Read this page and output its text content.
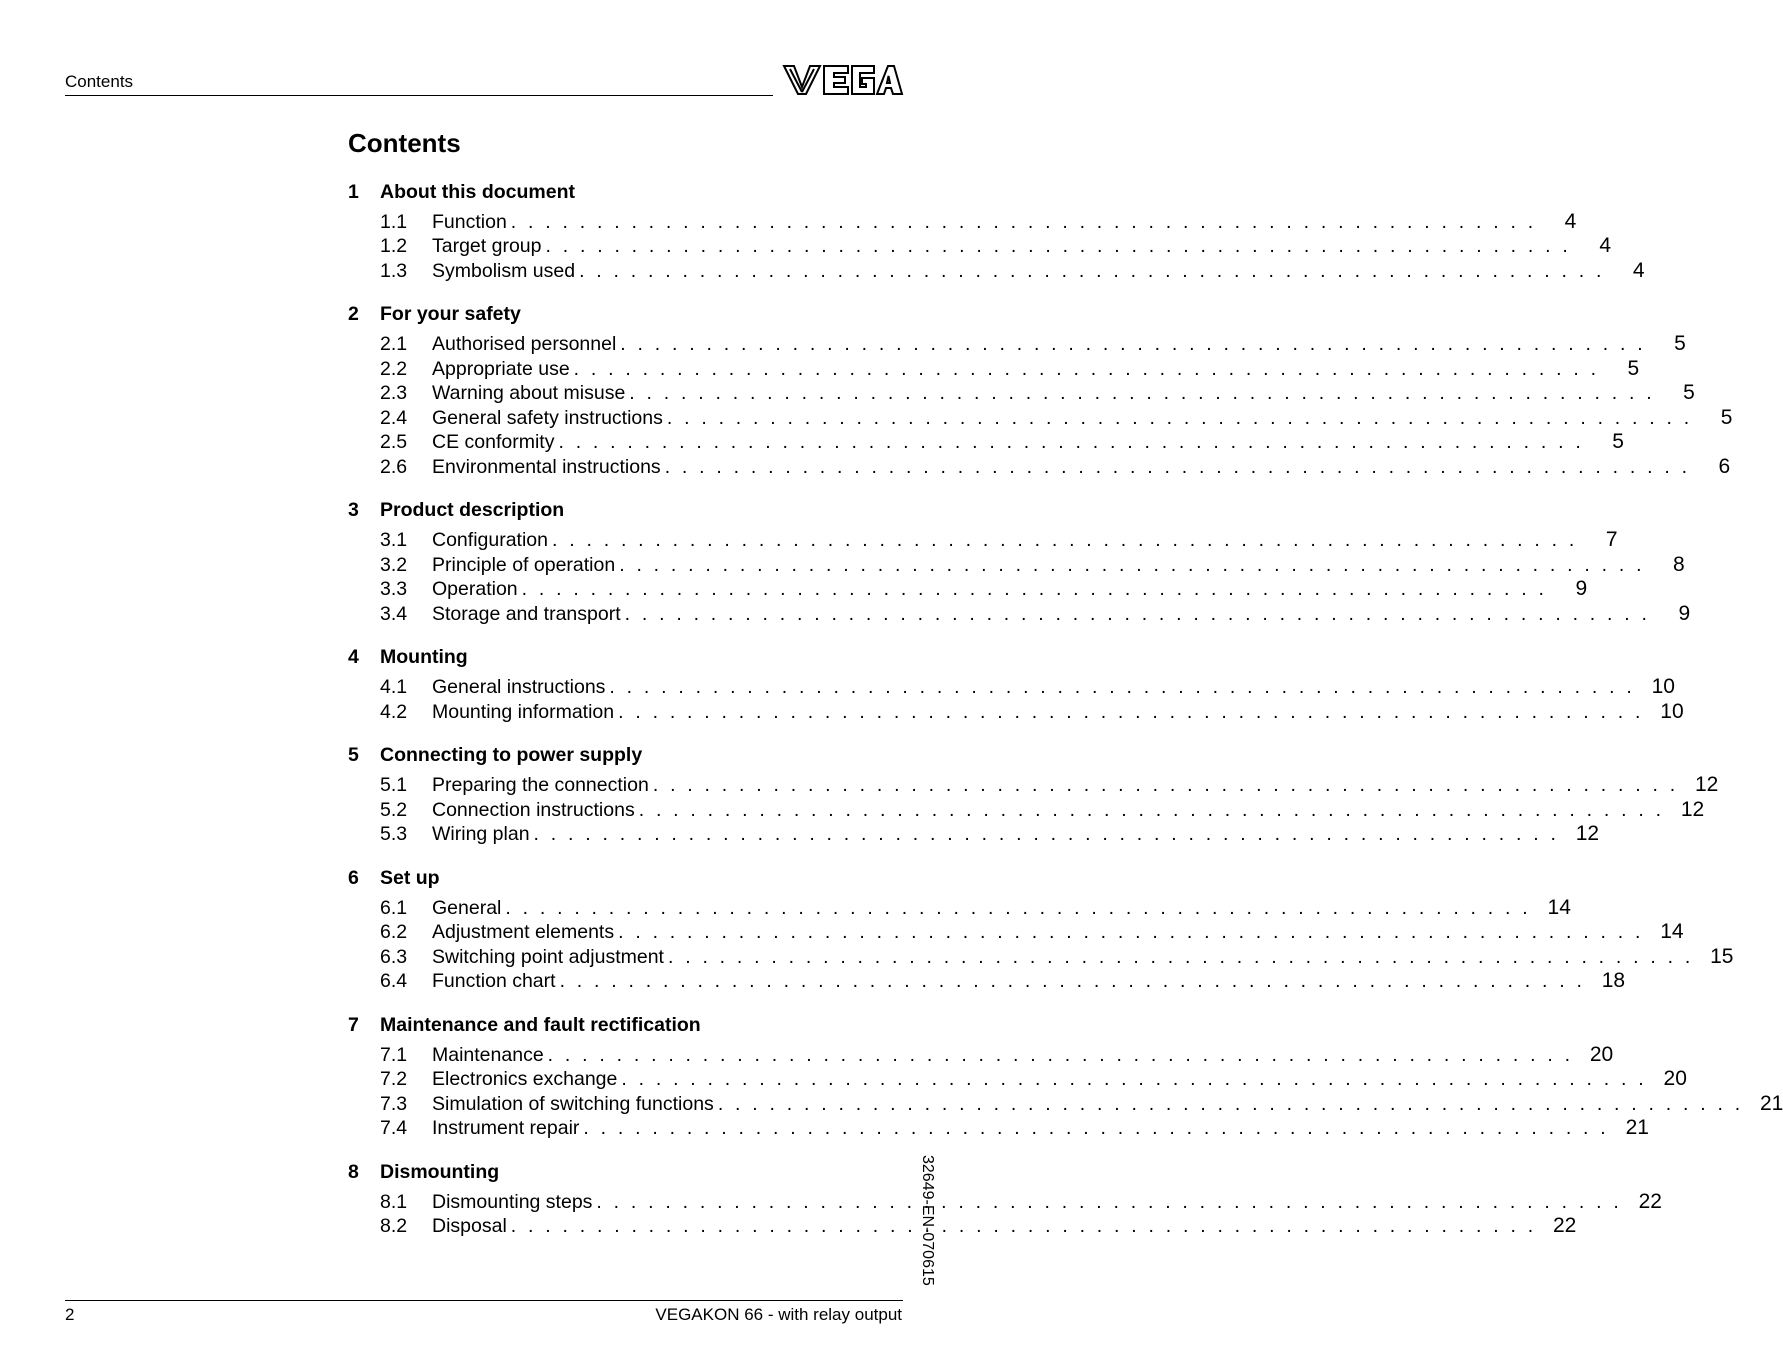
Contents
Contents
1	About this document
1.1	Function . . . . . . . . . . . . . . . . . . . . . . . . . . . . . . . . . . . . . . . . . . . . . . . . . . . . . . . . . . . .	4
1.2	Target group . . . . . . . . . . . . . . . . . . . . . . . . . . . . . . . . . . . . . . . . . . . . . . . . . . . . . . . . . . . .	4
1.3	Symbolism used . . . . . . . . . . . . . . . . . . . . . . . . . . . . . . . . . . . . . . . . . . . . . . . . . . . . . . . . . . . .	4
2	For your safety
2.1	Authorised personnel . . . . . . . . . . . . . . . . . . . . . . . . . . . . . . . . . . . . . . . . . . . . . . . . . . . . . . . . . . . .	5
2.2	Appropriate use . . . . . . . . . . . . . . . . . . . . . . . . . . . . . . . . . . . . . . . . . . . . . . . . . . . . . . . . . . . .	5
2.3	Warning about misuse . . . . . . . . . . . . . . . . . . . . . . . . . . . . . . . . . . . . . . . . . . . . . . . . . . . . . . . . . . . .	5
2.4	General safety instructions . . . . . . . . . . . . . . . . . . . . . . . . . . . . . . . . . . . . . . . . . . . . . . . . . . . . . . . . . . . .	5
2.5	CE conformity . . . . . . . . . . . . . . . . . . . . . . . . . . . . . . . . . . . . . . . . . . . . . . . . . . . . . . . . . . . .	5
2.6	Environmental instructions . . . . . . . . . . . . . . . . . . . . . . . . . . . . . . . . . . . . . . . . . . . . . . . . . . . . . . . . . . . .	6
3	Product description
3.1	Configuration . . . . . . . . . . . . . . . . . . . . . . . . . . . . . . . . . . . . . . . . . . . . . . . . . . . . . . . . . . . .	7
3.2	Principle of operation . . . . . . . . . . . . . . . . . . . . . . . . . . . . . . . . . . . . . . . . . . . . . . . . . . . . . . . . . . . .	8
3.3	Operation . . . . . . . . . . . . . . . . . . . . . . . . . . . . . . . . . . . . . . . . . . . . . . . . . . . . . . . . . . . .	9
3.4	Storage and transport . . . . . . . . . . . . . . . . . . . . . . . . . . . . . . . . . . . . . . . . . . . . . . . . . . . . . . . . . . . .	9
4	Mounting
4.1	General instructions . . . . . . . . . . . . . . . . . . . . . . . . . . . . . . . . . . . . . . . . . . . . . . . . . . . . . . . . . . . . 10
4.2	Mounting information . . . . . . . . . . . . . . . . . . . . . . . . . . . . . . . . . . . . . . . . . . . . . . . . . . . . . . . . . . . . 10
5	Connecting to power supply
5.1	Preparing the connection . . . . . . . . . . . . . . . . . . . . . . . . . . . . . . . . . . . . . . . . . . . . . . . . . . . . . . . . . . . . 12
5.2	Connection instructions . . . . . . . . . . . . . . . . . . . . . . . . . . . . . . . . . . . . . . . . . . . . . . . . . . . . . . . . . . . . 12
5.3	Wiring plan . . . . . . . . . . . . . . . . . . . . . . . . . . . . . . . . . . . . . . . . . . . . . . . . . . . . . . . . . . . . 12
6	Set up
6.1	General . . . . . . . . . . . . . . . . . . . . . . . . . . . . . . . . . . . . . . . . . . . . . . . . . . . . . . . . . . . . 14
6.2	Adjustment elements . . . . . . . . . . . . . . . . . . . . . . . . . . . . . . . . . . . . . . . . . . . . . . . . . . . . . . . . . . . . 14
6.3	Switching point adjustment . . . . . . . . . . . . . . . . . . . . . . . . . . . . . . . . . . . . . . . . . . . . . . . . . . . . . . . . . . . . 15
6.4	Function chart . . . . . . . . . . . . . . . . . . . . . . . . . . . . . . . . . . . . . . . . . . . . . . . . . . . . . . . . . . . . 18
7	Maintenance and fault rectification
7.1	Maintenance . . . . . . . . . . . . . . . . . . . . . . . . . . . . . . . . . . . . . . . . . . . . . . . . . . . . . . . . . . . . 20
7.2	Electronics exchange . . . . . . . . . . . . . . . . . . . . . . . . . . . . . . . . . . . . . . . . . . . . . . . . . . . . . . . . . . . . 20
7.3	Simulation of switching functions . . . . . . . . . . . . . . . . . . . . . . . . . . . . . . . . . . . . . . . . . . . . . . . . . . . . . . . . . . . . 21
7.4	Instrument repair . . . . . . . . . . . . . . . . . . . . . . . . . . . . . . . . . . . . . . . . . . . . . . . . . . . . . . . . . . . . 21
8	Dismounting
8.1	Dismounting steps . . . . . . . . . . . . . . . . . . . . . . . . . . . . . . . . . . . . . . . . . . . . . . . . . . . . . . . . . . . . 22
8.2	Disposal . . . . . . . . . . . . . . . . . . . . . . . . . . . . . . . . . . . . . . . . . . . . . . . . . . . . . . . . . . . . 22
32649-EN-070615
2	VEGAKON 66 - with relay output
